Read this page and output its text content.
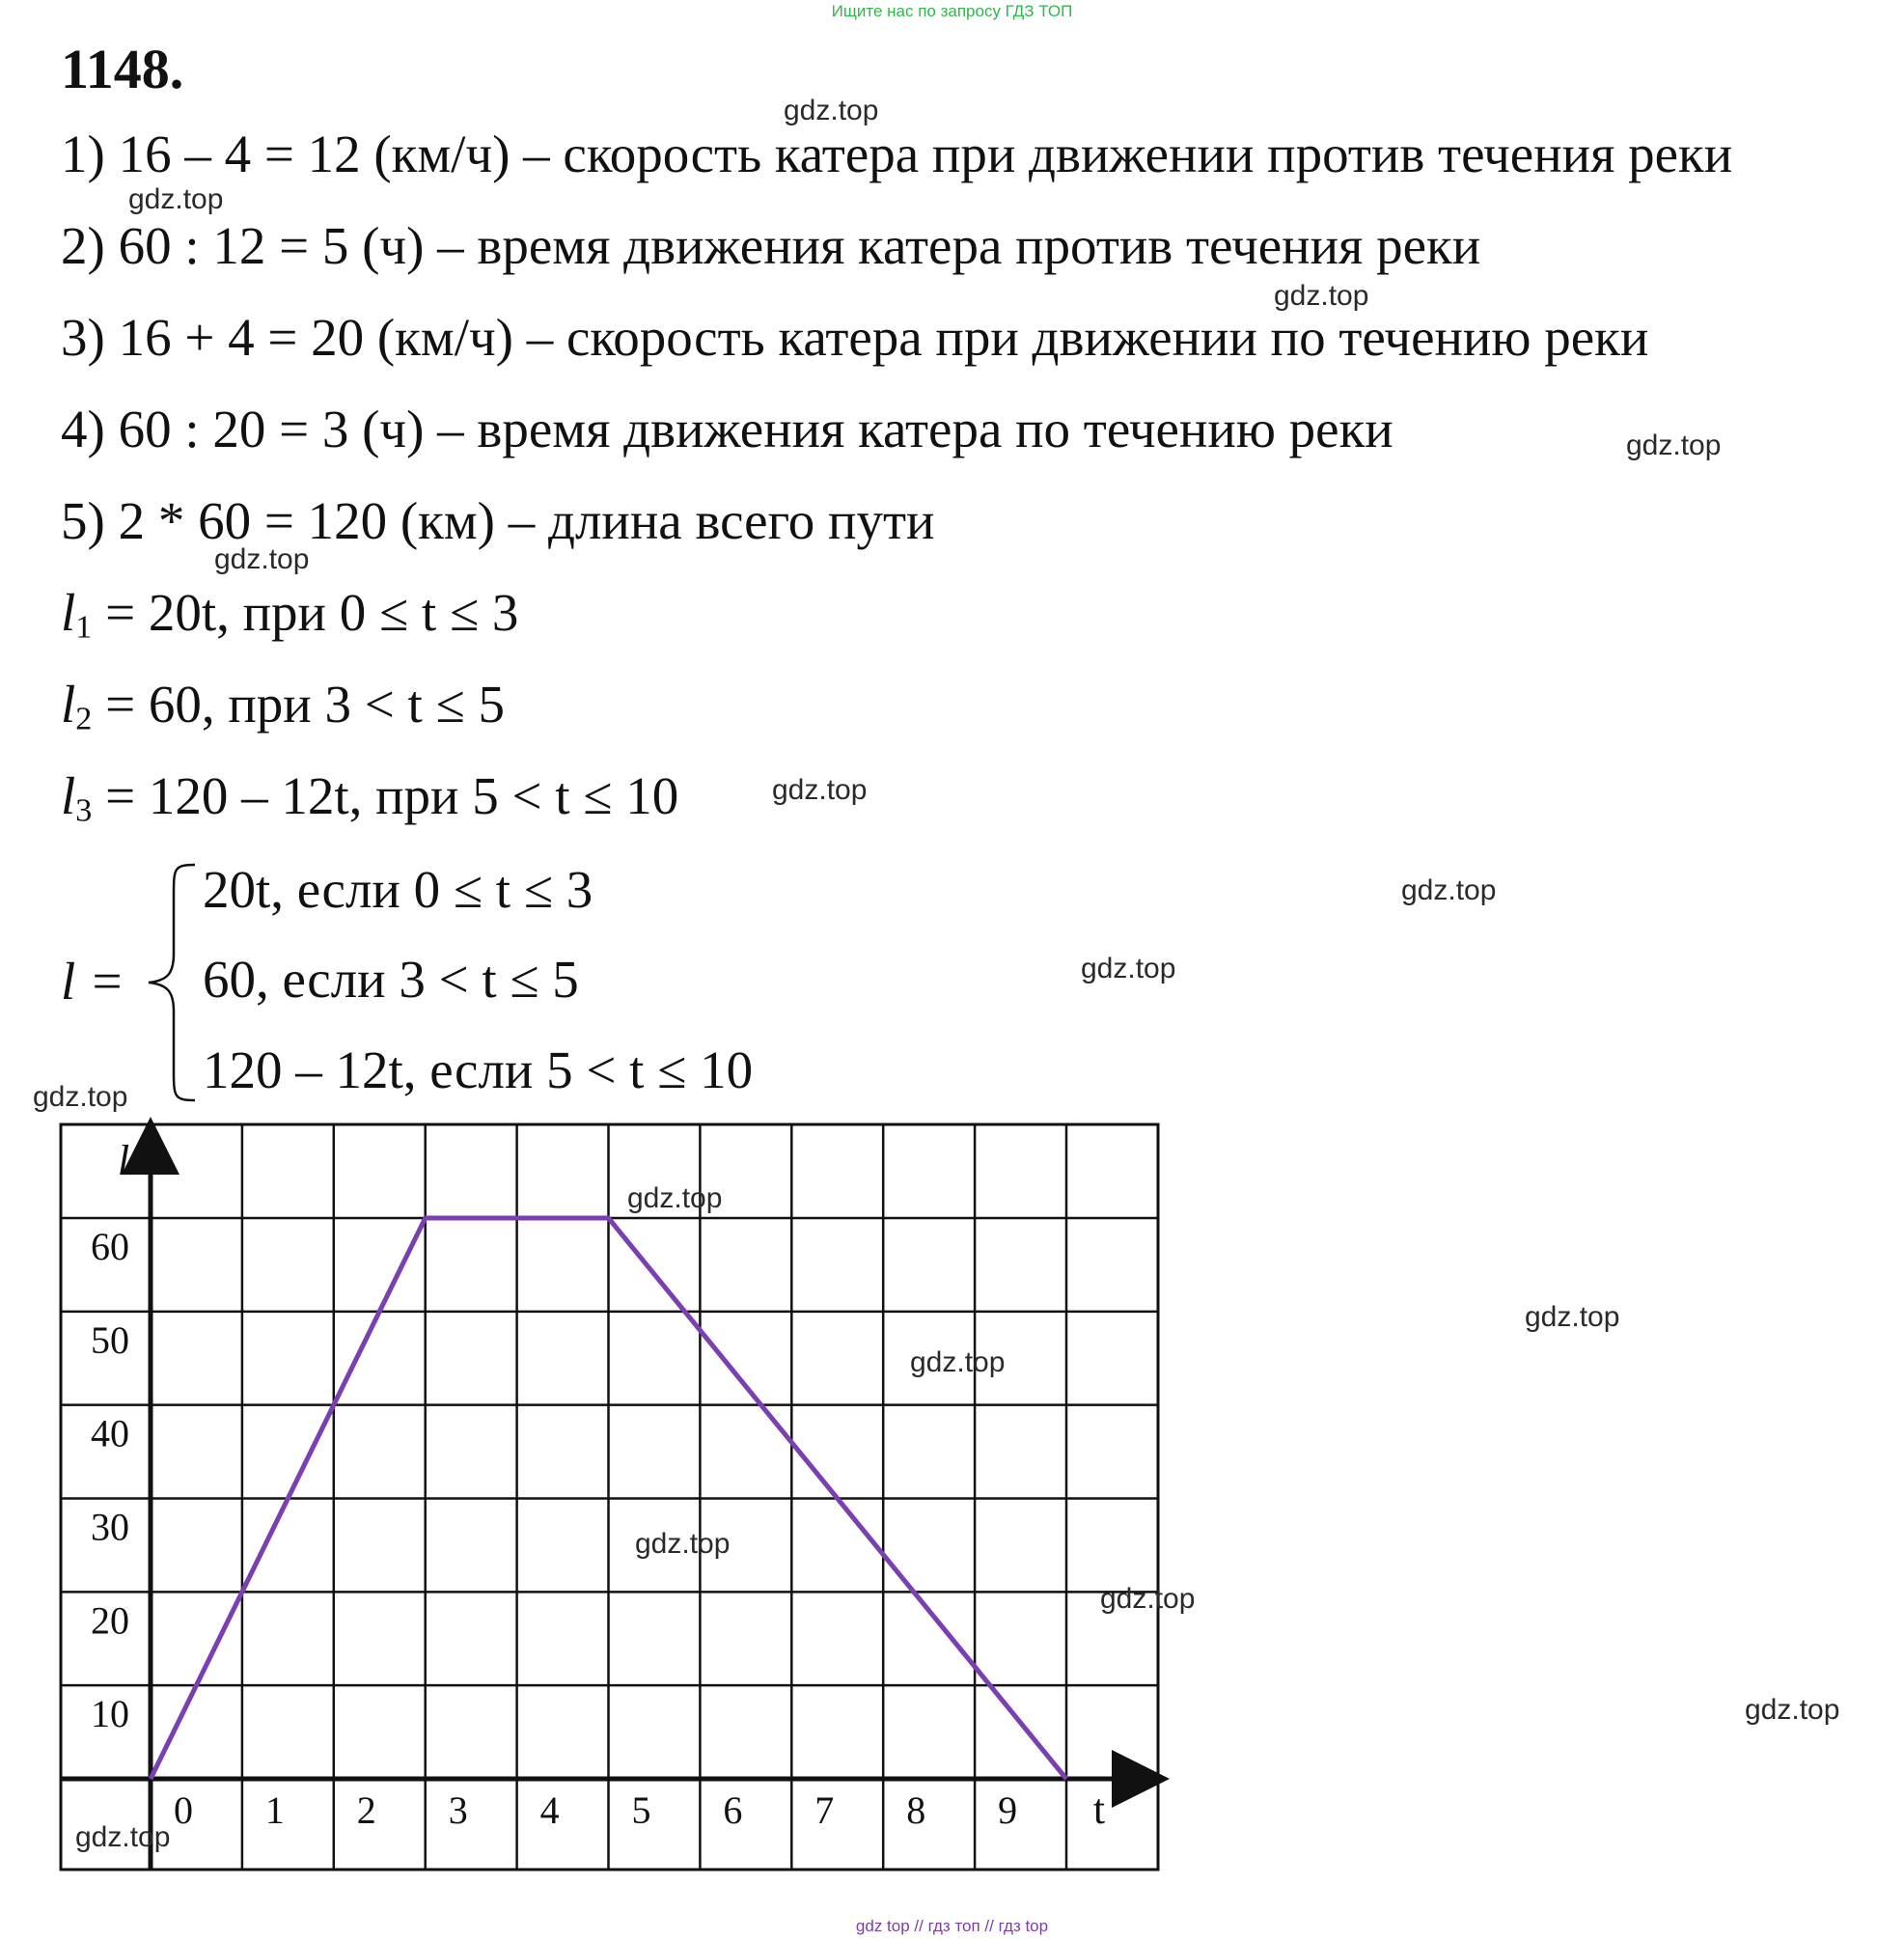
Ищите нас по запросу ГДЗ ТОП
1148.
1) 16 – 4 = 12 (км/ч) – скорость катера при движении против течения реки
2) 60 : 12 = 5 (ч) – время движения катера против течения реки
3) 16 + 4 = 20 (км/ч) – скорость катера при движении по течению реки
4) 60 : 20 = 3 (ч) – время движения катера по течению реки
5) 2 * 60 = 120 (км) – длина всего пути
$l_1 = 20t$, при 0 ≤ t ≤ 3
$l_2 = 60$, при 3 < t ≤ 5
$l_3 = 120 - 12t$, при 5 < t ≤ 10
l =
20t, если 0 ≤ t ≤ 3
60, если 3 < t ≤ 5
120 – 12t, если 5 < t ≤ 10
0 1 2 3 4 5 6 7 8 9
10
20
30
40
50
60
t
l
gdz.top
gdz.top
gdz.top
gdz.top
gdz.top
gdz.top
gdz.top
gdz.top
gdz.top
gdz.top
gdz.top
gdz.top
gdz.top
gdz.top
gdz.top
gdz.top
gdz top // гдз топ // гдз top
